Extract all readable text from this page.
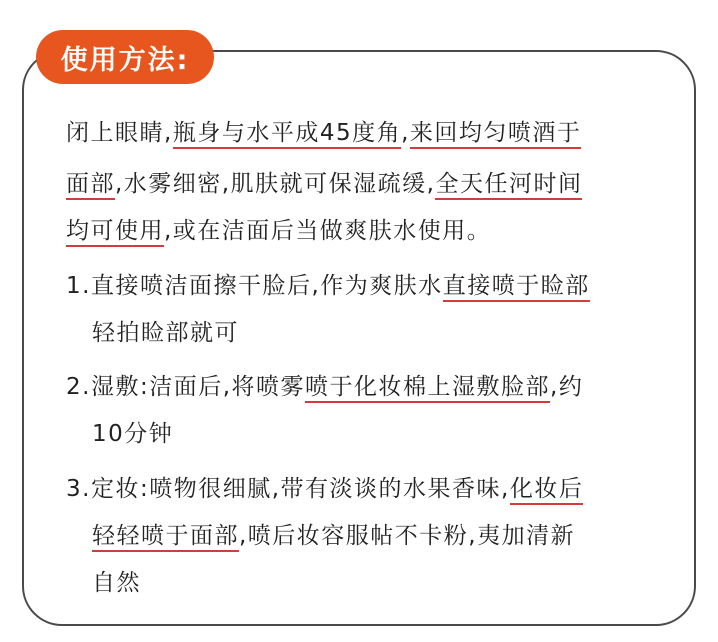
使用方法:
闭上眼睛,瓶身与水平成45度角,来回均匀喷酒于
面部,水雾细密,肌肤就可保湿疏缓,全天任河时间
均可使用,或在洁面后当做爽肤水使用。
1.直接喷洁面擦干脸后,作为爽肤水直接喷于睑部
轻拍睑部就可
2.湿敷:洁面后,将喷雾喷于化妆棉上湿敷脸部,约
10分钟
3.定妆:喷物很细腻,带有淡谈的水果香味,化妆后
轻轻喷于面部,喷后妆容服帖不卡粉,夷加清新
自然
